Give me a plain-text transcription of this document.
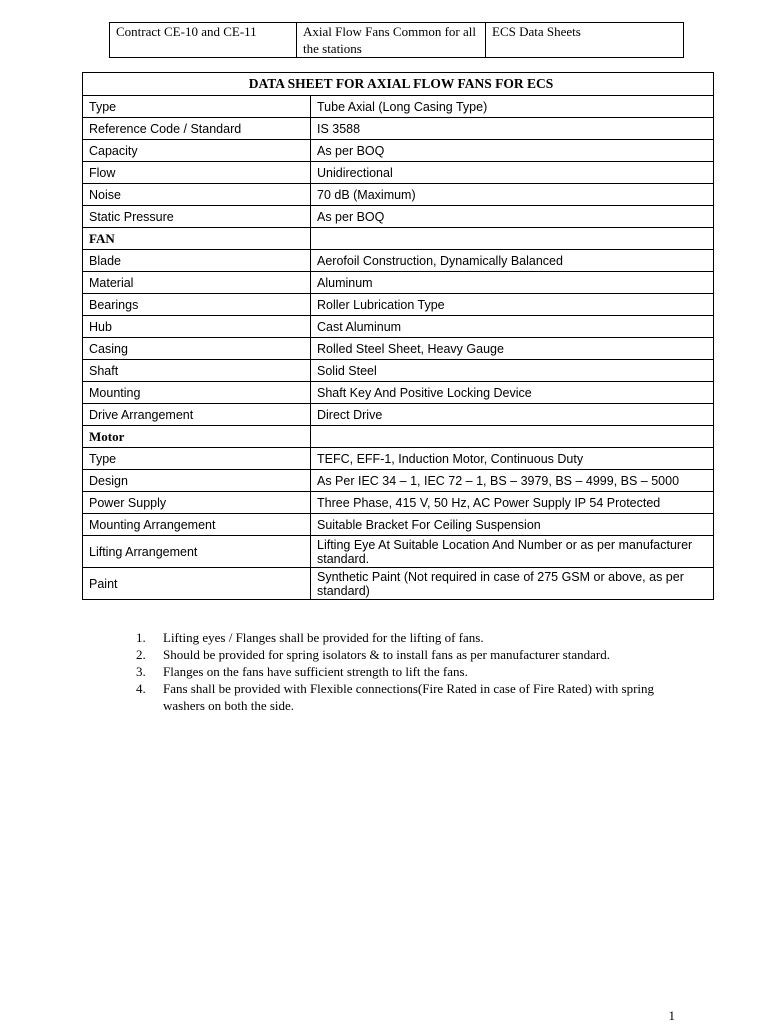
Contract CE-10 and CE-11	Axial Flow Fans Common for all the stations	ECS Data Sheets
DATA SHEET FOR AXIAL FLOW FANS FOR ECS	
Type	Tube Axial (Long Casing Type)
Reference Code / Standard	IS 3588
Capacity	As per BOQ
Flow	Unidirectional
Noise	70 dB (Maximum)
Static Pressure	As per BOQ
FAN	
Blade	Aerofoil Construction, Dynamically Balanced
Material	Aluminum
Bearings	Roller Lubrication Type
Hub	Cast Aluminum
Casing	Rolled Steel Sheet, Heavy Gauge
Shaft	Solid Steel
Mounting	Shaft Key And Positive Locking Device
Drive Arrangement	Direct Drive
Motor	
Type	TEFC, EFF-1, Induction Motor, Continuous Duty
Design	As Per IEC 34 – 1, IEC 72 – 1, BS – 3979, BS – 4999, BS – 5000
Power Supply	Three Phase, 415 V, 50 Hz, AC Power Supply IP 54 Protected
Mounting Arrangement	Suitable Bracket For Ceiling Suspension
Lifting Arrangement	Lifting Eye At Suitable Location And Number or as per manufacturer standard.
Paint	Synthetic Paint (Not required in case of 275 GSM or above, as per standard)
1. Lifting eyes / Flanges shall be provided for the lifting of fans.
2. Should be provided for spring isolators & to install fans as per manufacturer standard.
3. Flanges on the fans have sufficient strength to lift the fans.
4. Fans shall be provided with Flexible connections(Fire Rated in case of Fire Rated) with spring washers on both the side.
1
